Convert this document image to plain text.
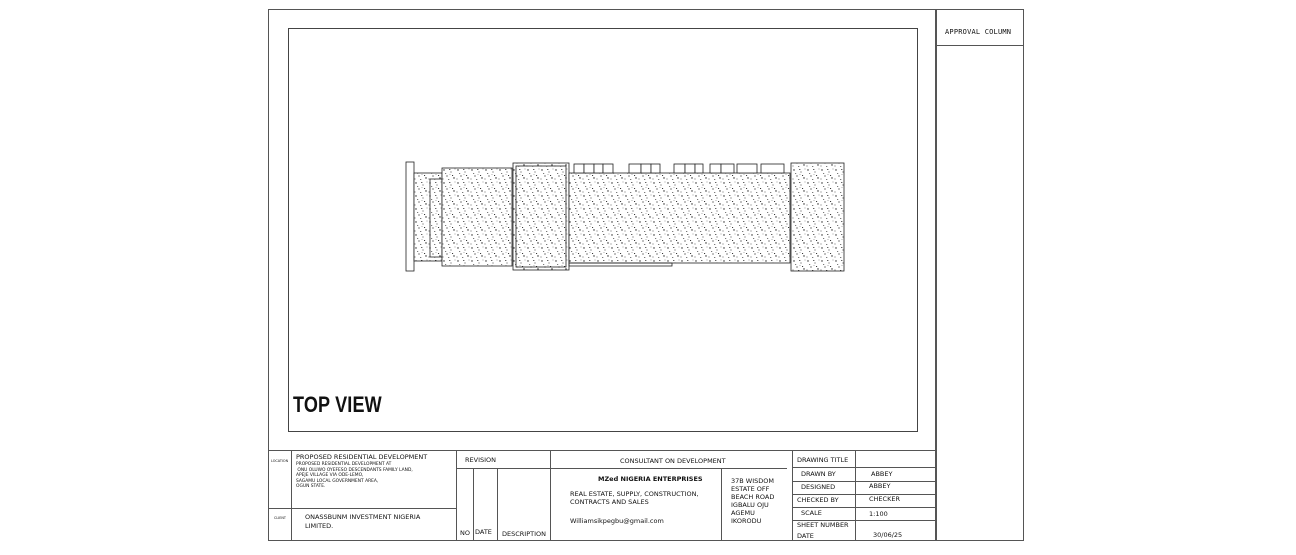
APPROVAL COLUMN
TOP VIEW
LOCATION
CLIENT
PROPOSED RESIDENTIAL DEVELOPMENT
PROPOSED RESIDENTIAL DEVELOPMENT AT
ONU OLUWO OYEFESO DESCENDANTS FAMILY LAND,
APEJE VILLAGE VIA ODE-LEMO,
SAGAMU LOCAL GOVERNMENT AREA,
OGUN STATE.
ONASSBUNM INVESTMENT NIGERIA
LIMITED.
REVISION
NO DATE DESCRIPTION
CONSULTANT ON DEVELOPMENT
MZed NIGERIA ENTERPRISES
REAL ESTATE, SUPPLY, CONSTRUCTION,
CONTRACTS AND SALES
Williamsikpegbu@gmail.com
37B WISDOM
ESTATE OFF
BEACH ROAD
IGBALU OJU
AGEMU
IKORODU
DRAWING TITLE
DRAWN BY	ABBEY
DESIGNED	ABBEY
CHECKED BY	CHECKER
SCALE	1:100
SHEET NUMBER
DATE	30/06/25
